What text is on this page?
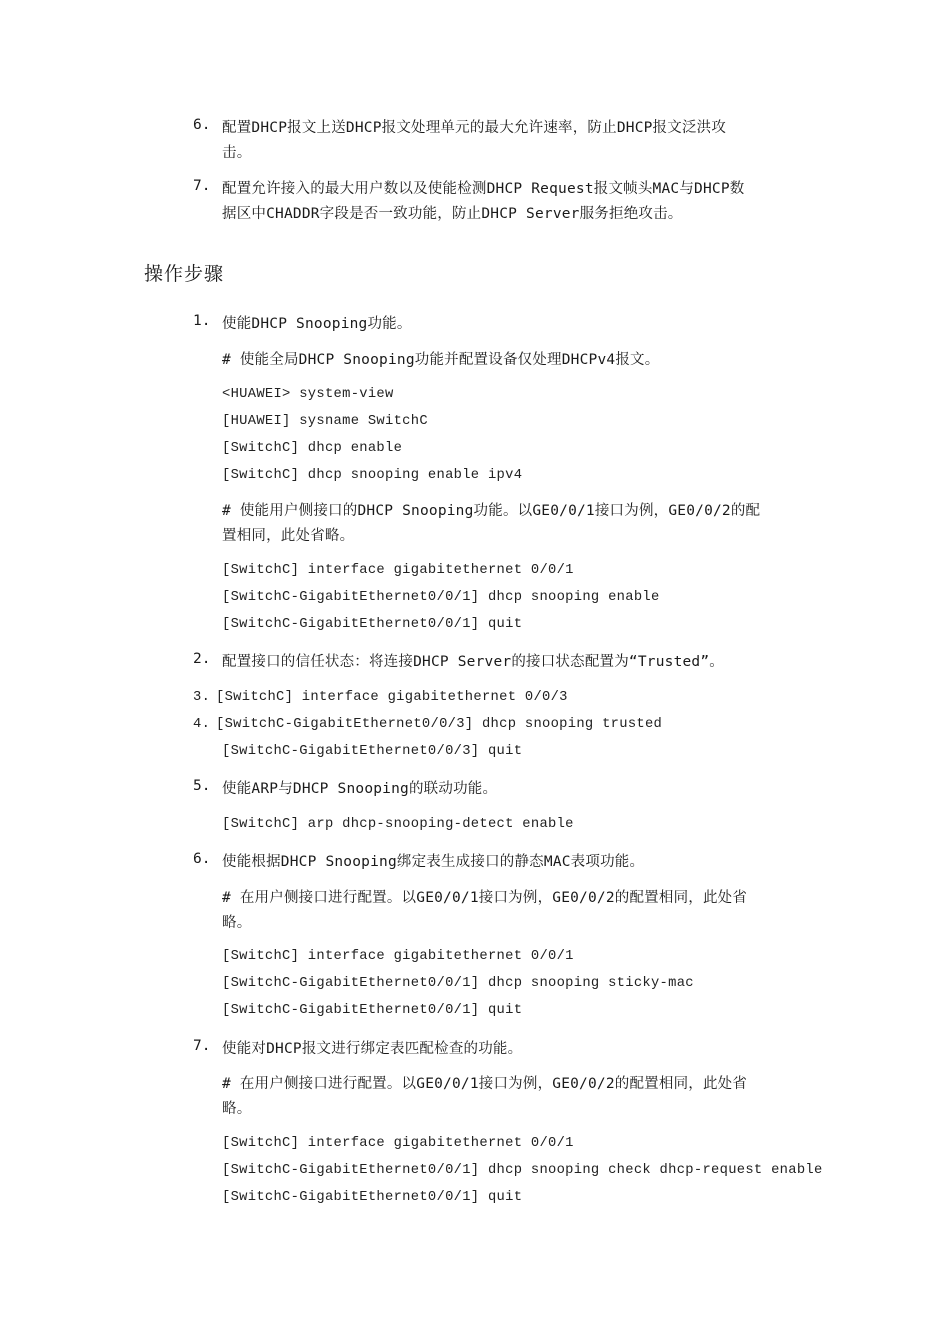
6. 配置DHCP报文上送DHCP报文处理单元的最大允许速率，防止DHCP报文泛洪攻
击。
7. 配置允许接入的最大用户数以及使能检测DHCP Request报文帧头MAC与DHCP数
据区中CHADDR字段是否一致功能，防止DHCP Server服务拒绝攻击。
操作步骤
1. 使能DHCP Snooping功能。
# 使能全局DHCP Snooping功能并配置设备仅处理DHCPv4报文。
<HUAWEI> system-view
[HUAWEI] sysname SwitchC
[SwitchC] dhcp enable
[SwitchC] dhcp snooping enable ipv4
# 使能用户侧接口的DHCP Snooping功能。以GE0/0/1接口为例，GE0/0/2的配
置相同，此处省略。
[SwitchC] interface gigabitethernet 0/0/1
[SwitchC-GigabitEthernet0/0/1] dhcp snooping enable
[SwitchC-GigabitEthernet0/0/1] quit
2. 配置接口的信任状态：将连接DHCP Server的接口状态配置为“Trusted”。
3. [SwitchC] interface gigabitethernet 0/0/3
4. [SwitchC-GigabitEthernet0/0/3] dhcp snooping trusted
[SwitchC-GigabitEthernet0/0/3] quit
5. 使能ARP与DHCP Snooping的联动功能。
[SwitchC] arp dhcp-snooping-detect enable
6. 使能根据DHCP Snooping绑定表生成接口的静态MAC表项功能。
# 在用户侧接口进行配置。以GE0/0/1接口为例，GE0/0/2的配置相同，此处省
略。
[SwitchC] interface gigabitethernet 0/0/1
[SwitchC-GigabitEthernet0/0/1] dhcp snooping sticky-mac
[SwitchC-GigabitEthernet0/0/1] quit
7. 使能对DHCP报文进行绑定表匹配检查的功能。
# 在用户侧接口进行配置。以GE0/0/1接口为例，GE0/0/2的配置相同，此处省
略。
[SwitchC] interface gigabitethernet 0/0/1
[SwitchC-GigabitEthernet0/0/1] dhcp snooping check dhcp-request enable
[SwitchC-GigabitEthernet0/0/1] quit
